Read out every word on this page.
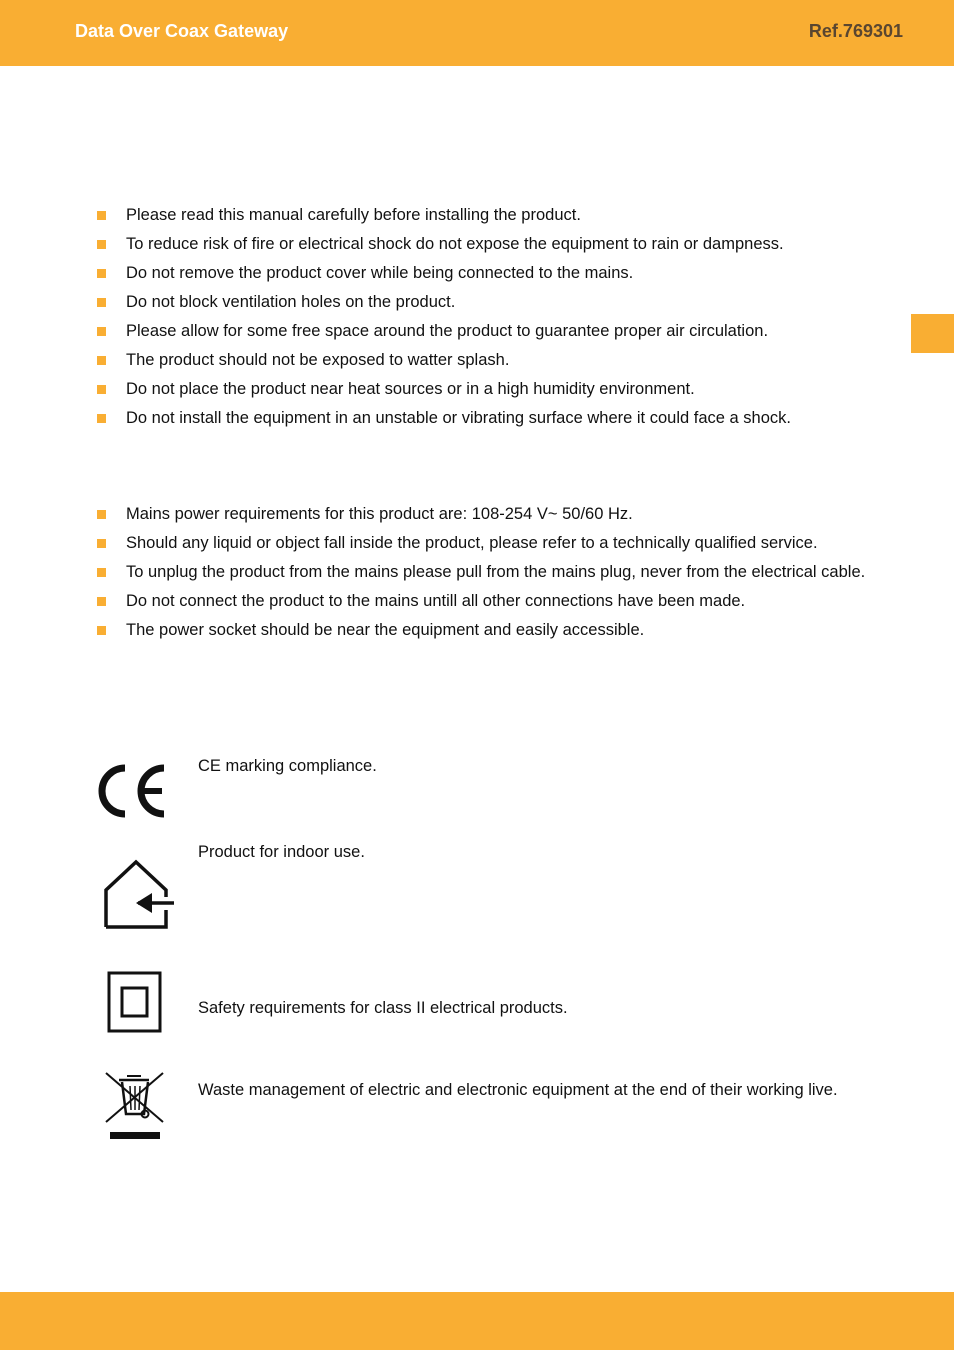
Data Over Coax Gateway	Ref.769301
Please read this manual carefully before installing the product.
To reduce risk of fire or electrical shock do not expose the equipment to rain or dampness.
Do not remove the product cover while being connected to the mains.
Do not block ventilation holes on the product.
Please allow for some free space around the product to guarantee proper air circulation.
The product should not be exposed to watter splash.
Do not place the product near heat sources or in a high humidity environment.
Do not install the equipment in an unstable or vibrating surface where it could face a shock.
Mains power requirements for this product are: 108-254 V~ 50/60 Hz.
Should any liquid or object fall inside the product, please refer to a technically qualified service.
To unplug the product from the mains please pull from the mains plug, never from the electrical cable.
Do not connect the product to the mains untill all other connections have been made.
The power socket should be near the equipment and easily accessible.
CE marking compliance.
Product for indoor use.
Safety requirements for class II electrical products.
Waste management of electric and electronic equipment at the end of their working live.
